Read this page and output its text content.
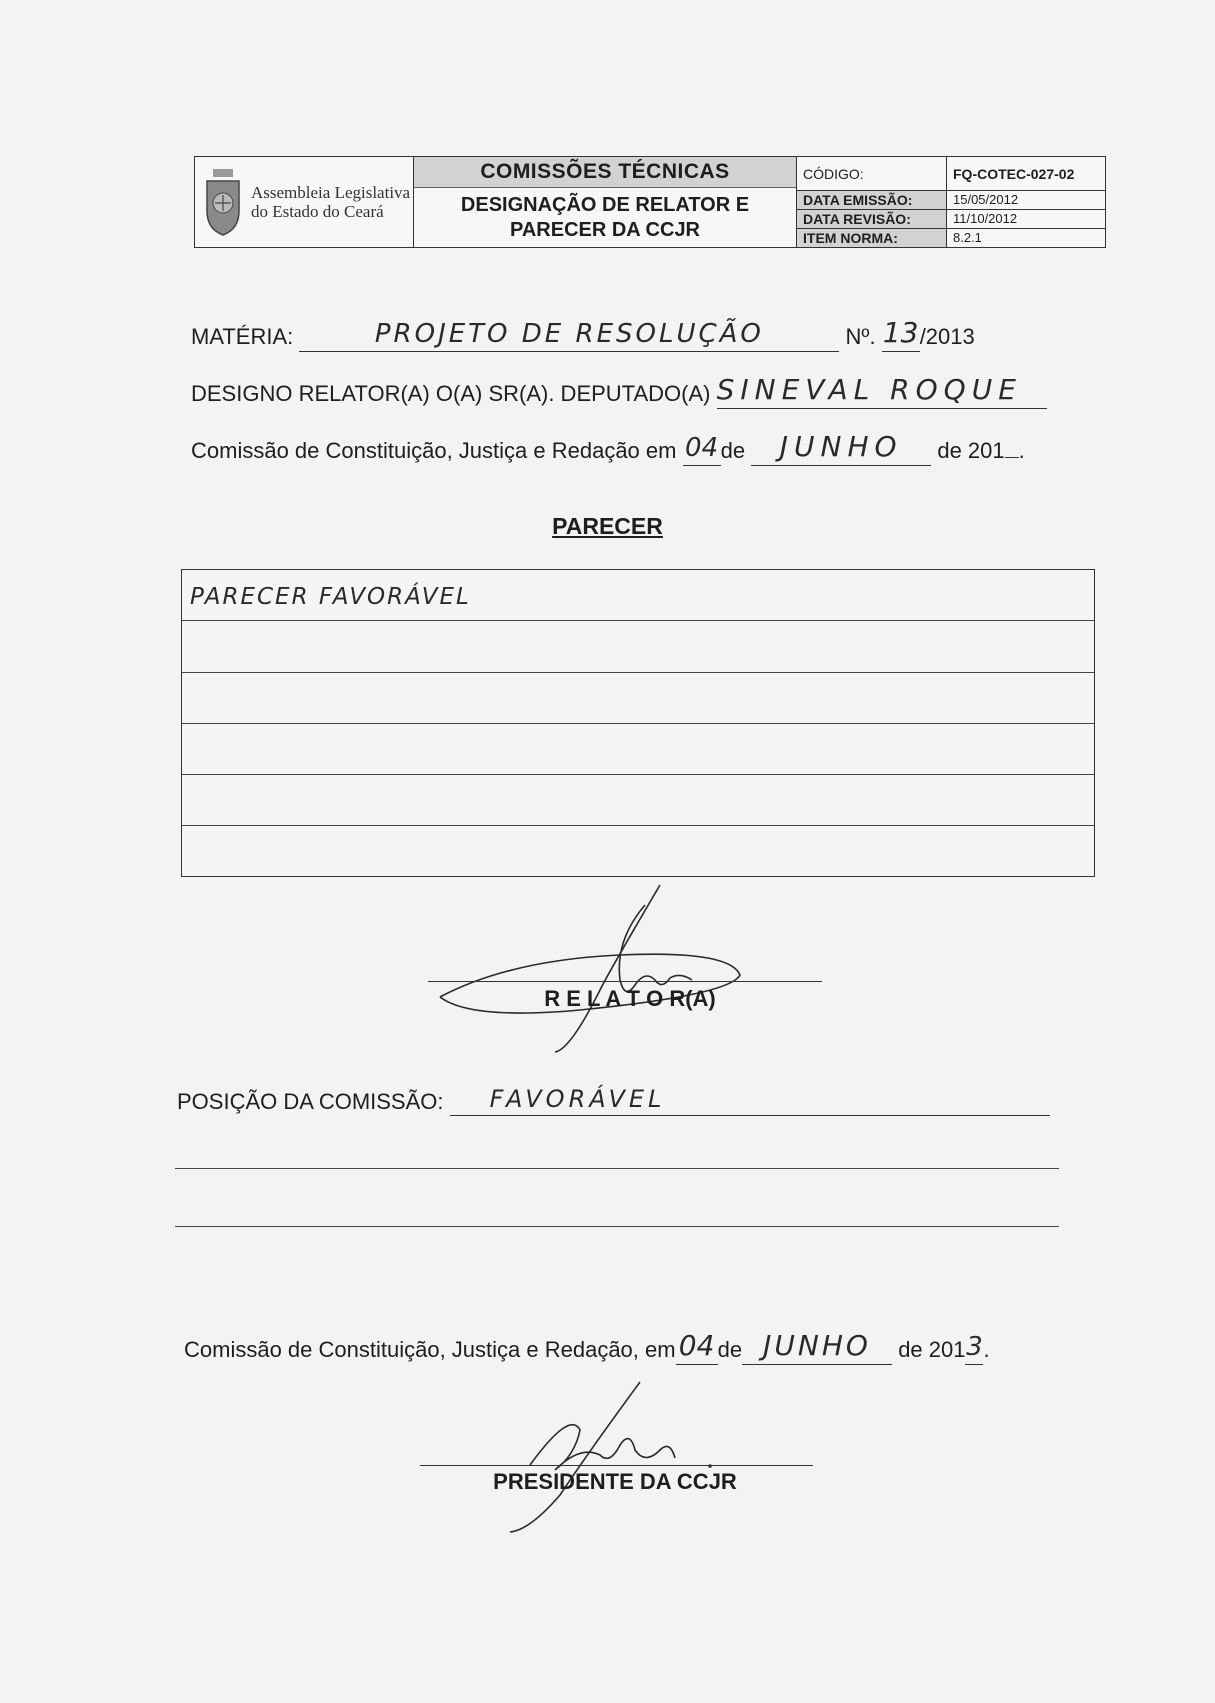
Assembleia Legislativa
do Estado do Ceará
COMISSÕES TÉCNICAS
DESIGNAÇÃO DE RELATOR E
PARECER DA CCJR
CÓDIGO:	FQ-COTEC-027-02
DATA EMISSÃO:	15/05/2012
DATA REVISÃO:	11/10/2012
ITEM NORMA:	8.2.1
MATÉRIA:	PROJETO DE RESOLUÇÃO	Nº. 13/2013
DESIGNO RELATOR(A) O(A) SR(A). DEPUTADO(A) SINEVAL ROQUE
Comissão de Constituição, Justiça e Redação em 04 de JUNHO de 201 .
PARECER
PARECER FAVORÁVEL
R E L A T O R(A)
POSIÇÃO DA COMISSÃO: FAVORÁVEL
Comissão de Constituição, Justiça e Redação, em 04 de JUNHO de 2013.
PRESIDENTE DA CCJR
